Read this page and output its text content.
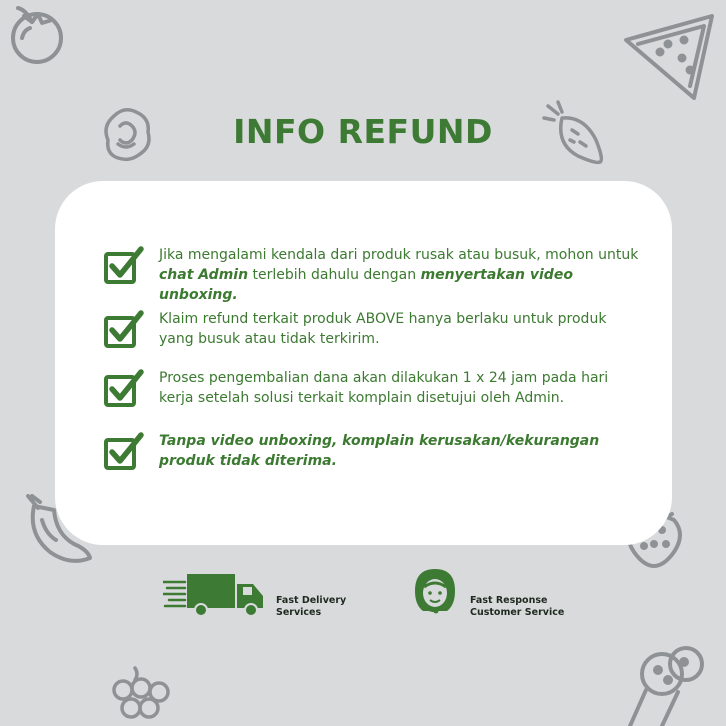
INFO REFUND
Jika mengalami kendala dari produk rusak atau busuk, mohon untuk
chat Admin terlebih dahulu dengan menyertakan video unboxing.
Klaim refund terkait produk ABOVE hanya berlaku untuk produk
yang busuk atau tidak terkirim.
Proses pengembalian dana akan dilakukan 1 x 24 jam pada hari
kerja setelah solusi terkait komplain disetujui oleh Admin.
Tanpa video unboxing, komplain kerusakan/kekurangan
produk tidak diterima.
Fast Delivery
Services
Fast Response
Customer Service
